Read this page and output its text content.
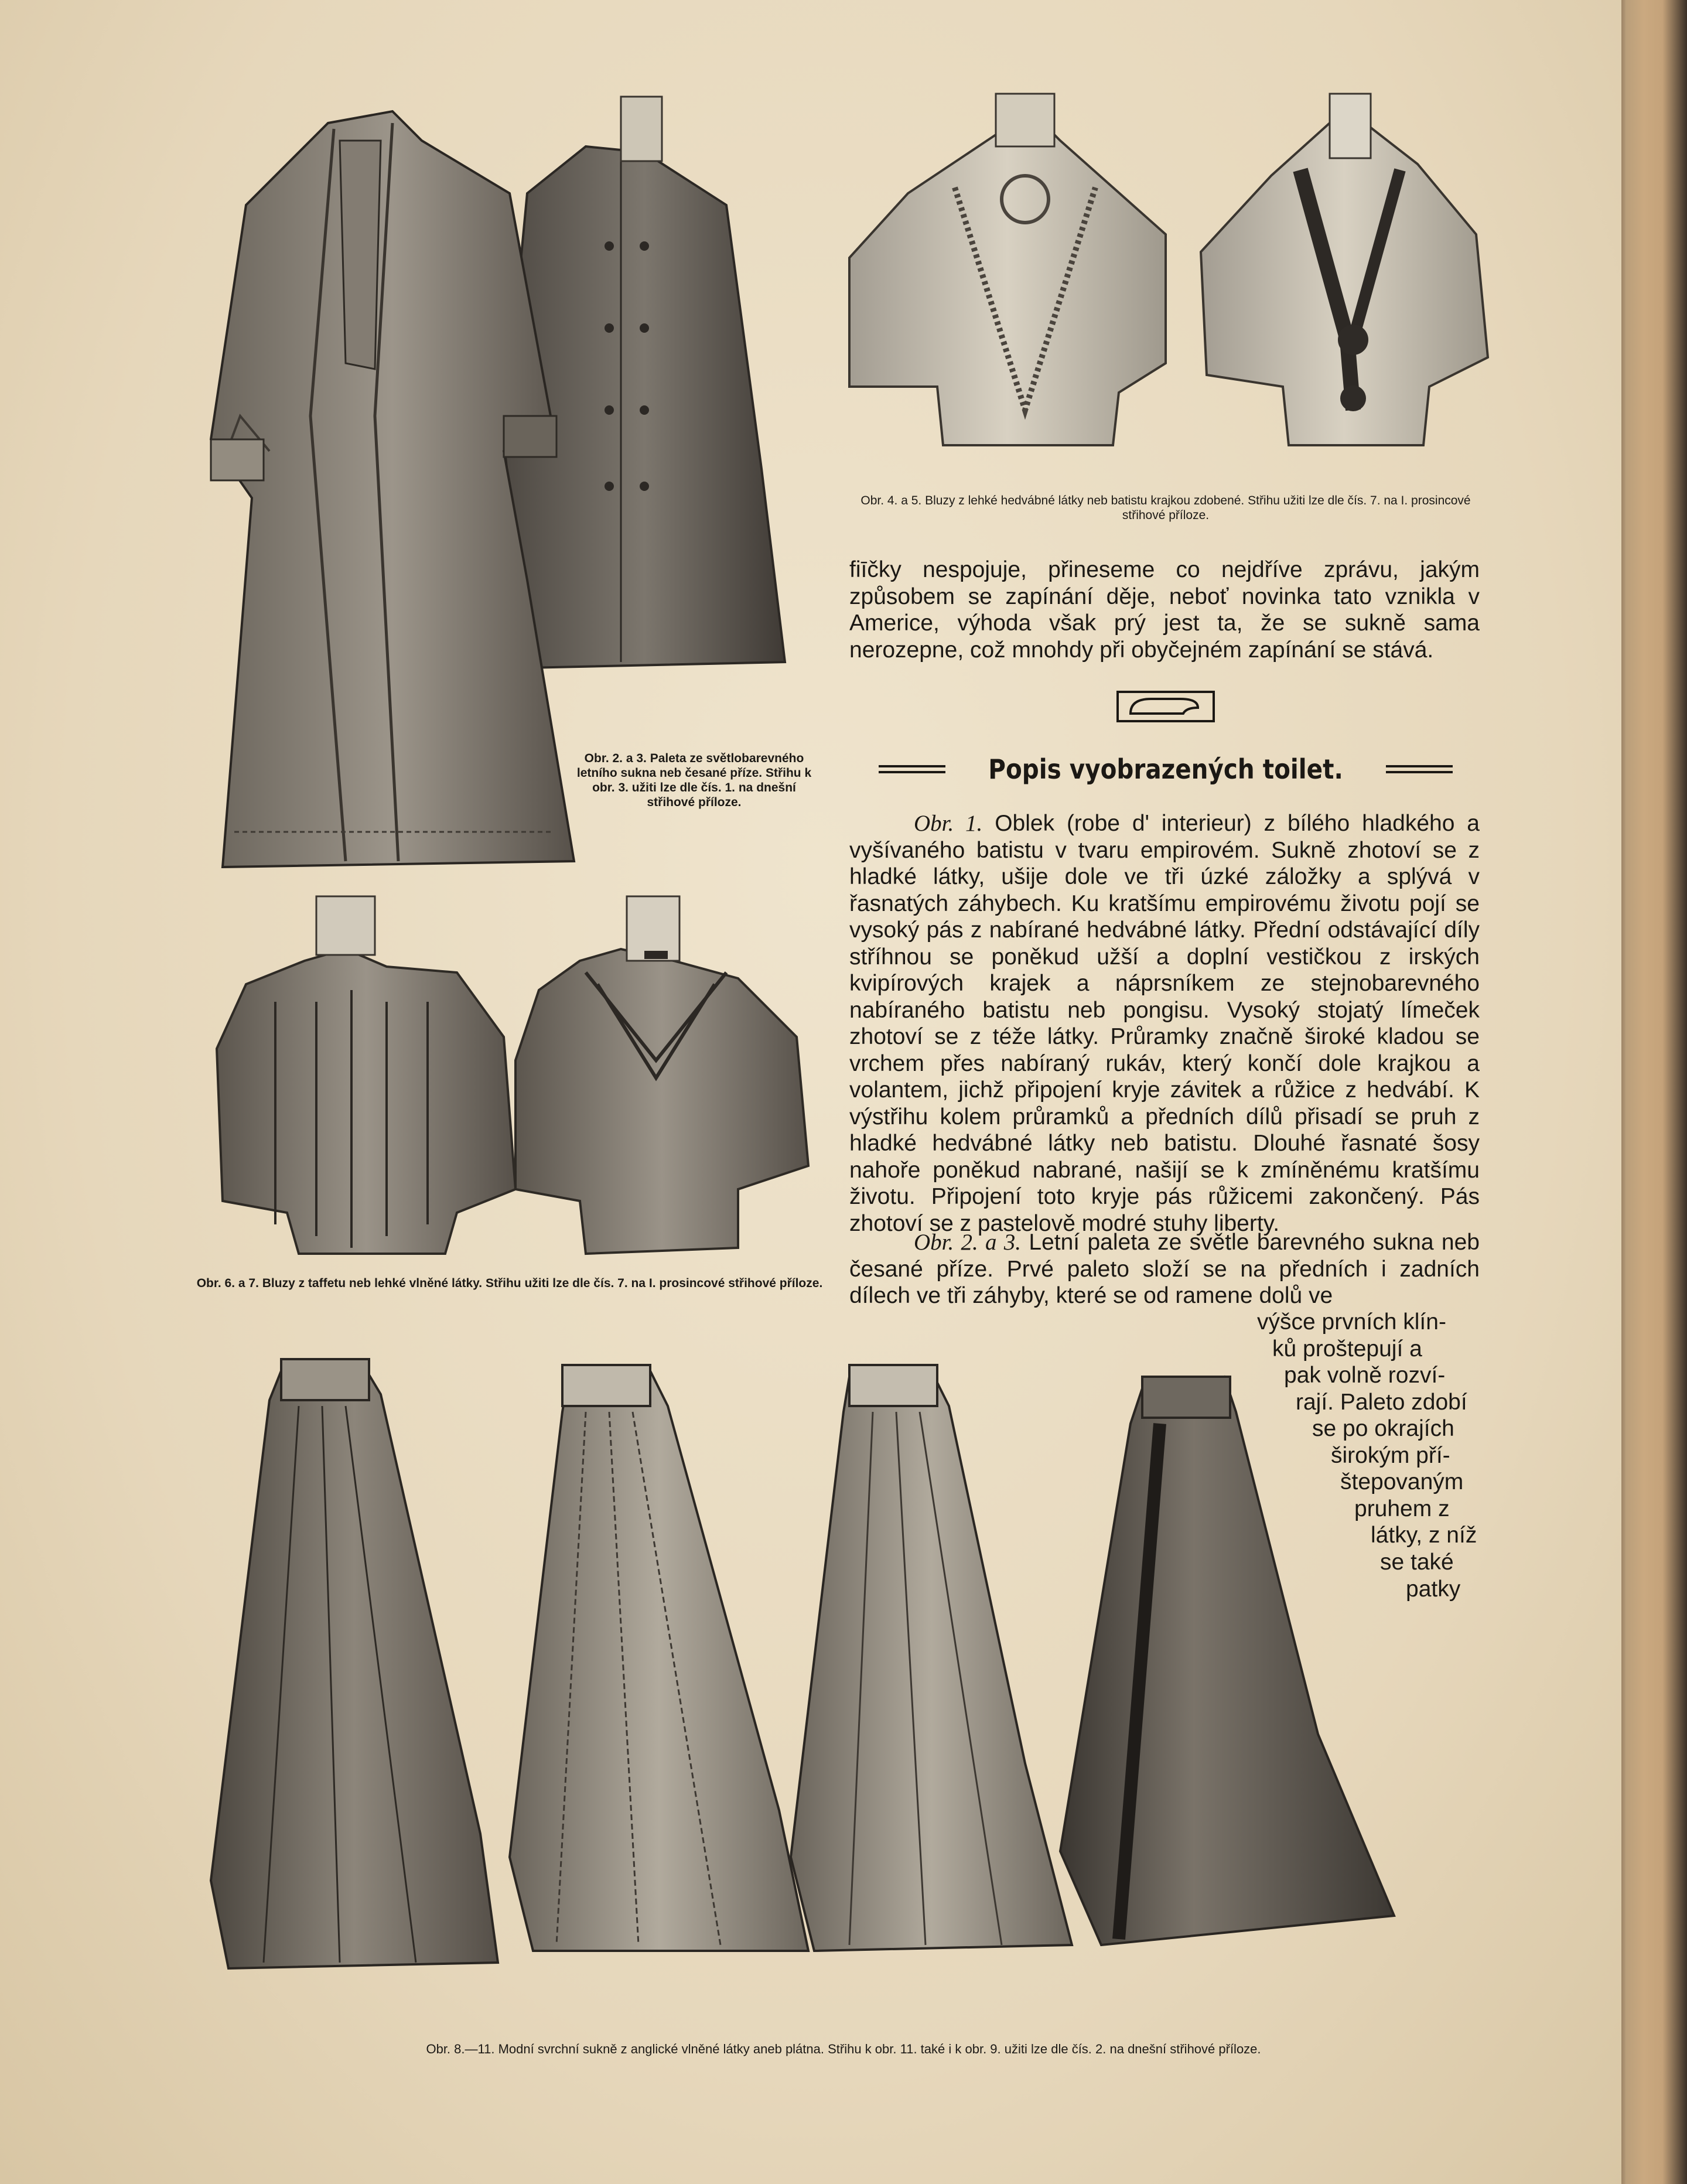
Obr. 4. a 5. Bluzy z lehké hedvábné látky neb batistu krajkou zdobené. Střihu užiti lze dle čís. 7. na I. prosincové střihové příloze.
fiīčky nespojuje, přineseme co nejdříve zprávu, jakým způsobem se zapínání děje, neboť novinka tato vznikla v Americe, výhoda však prý jest ta, že se sukně sama nerozepne, což mnohdy při obyčejném zapínání se stává.
Popis vyobrazených toilet.

Obr. 1. Oblek (robe d' interieur) z bílého hladkého a vyšívaného batistu v tvaru empirovém. Sukně zhotoví se z hladké látky, ušije dole ve tři úzké záložky a splývá v řasnatých záhybech. Ku kratšímu empirovému životu pojí se vysoký pás z nabírané hedvábné látky. Přední odstávající díly stříhnou se poněkud užší a doplní vestičkou z irských kvipírových krajek a náprsníkem ze stejnobarevného nabíraného batistu neb pongisu. Vysoký stojatý límeček zhotoví se z téže látky. Průramky značně široké kladou se vrchem přes nabíraný rukáv, který končí dole krajkou a volantem, jichž připojení kryje závitek a růžice z hedvábí. K výstřihu kolem průramků a předních dílů přisadí se pruh z hladké hedvábné látky neb batistu. Dlouhé řasnaté šosy nahoře poněkud nabrané, našijí se k zmíněnému kratšímu životu. Připojení toto kryje pás růžicemi zakončený. Pás zhotoví se z pastelově modré stuhy liberty.

Obr. 2. a 3. Letní paleta ze světle barevného sukna neb česané příze. Prvé paleto složí se na předních i zadních dílech ve tři záhyby, které se od ramene dolů ve

výšce prvních klín-
ků proštepují a
pak volně rozví-
rají. Paleto zdobí
se po okrajích
širokým pří-
štepovaným
pruhem z
látky, z níž
se také
patky
Obr. 2. a 3. Paleta ze světlobarevného letního sukna neb česané příze. Střihu k obr. 3. užiti lze dle čís. 1. na dnešní střihové příloze.
Obr. 6. a 7. Bluzy z taffetu neb lehké vlněné látky. Střihu užiti lze dle čís. 7. na I. prosincové střihové příloze.
Obr. 8.—11. Modní svrchní sukně z anglické vlněné látky aneb plátna. Střihu k obr. 11. také i k obr. 9. užiti lze dle čís. 2. na dnešní střihové příloze.
